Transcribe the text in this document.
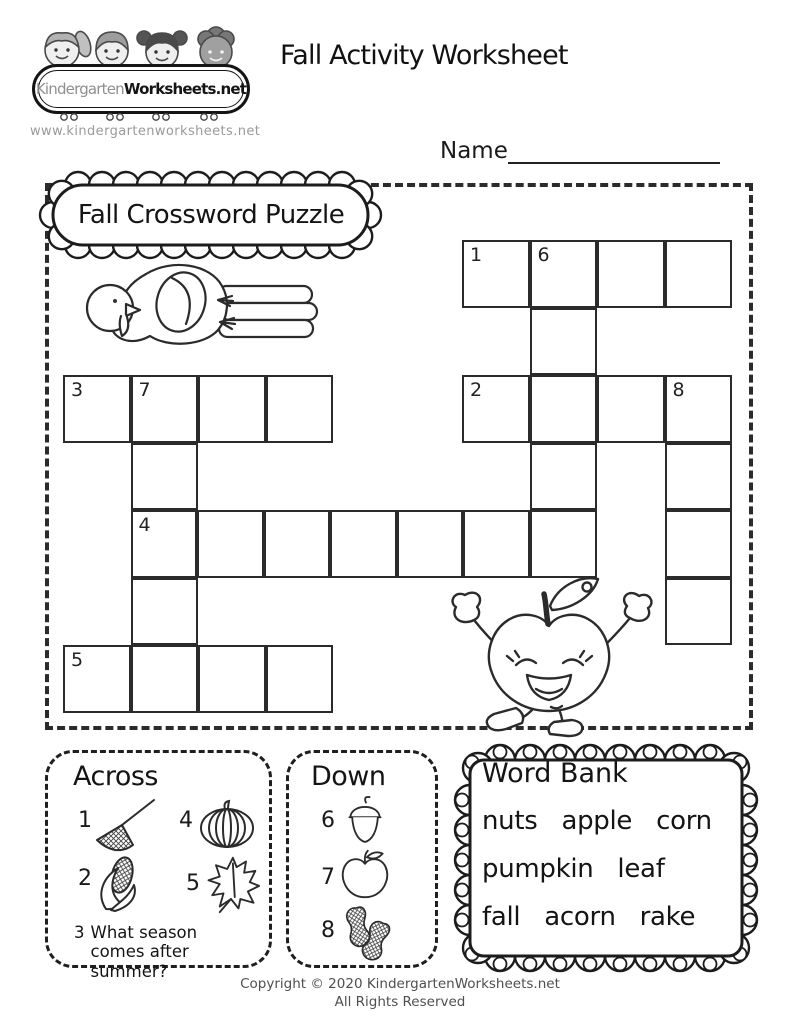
KindergartenWorksheets.net
www.kindergartenworksheets.net
Fall Activity Worksheet
Name
Fall Crossword Puzzle
1	6
2	8
3	7
4
5
Across
1	4
2	5
3 What season comes after summer?
Down
6
7
8
Word Bank
nuts apple corn
pumpkin leaf
fall acorn rake
Copyright © 2020 KindergartenWorksheets.net
All Rights Reserved
